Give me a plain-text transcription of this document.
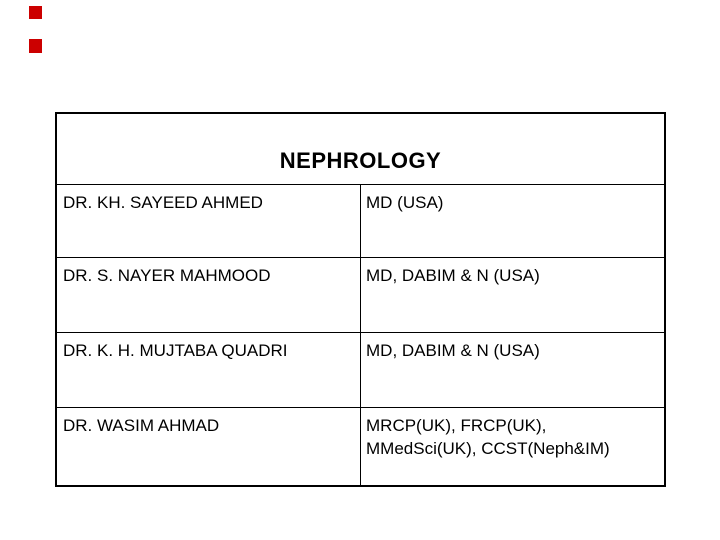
NEPHROLOGY
DR. KH. SAYEED AHMED	MD (USA)
DR. S. NAYER MAHMOOD	MD, DABIM & N (USA)
DR. K. H. MUJTABA QUADRI	MD, DABIM & N (USA)
DR. WASIM AHMAD	MRCP(UK), FRCP(UK),
MMedSci(UK), CCST(Neph&IM)
